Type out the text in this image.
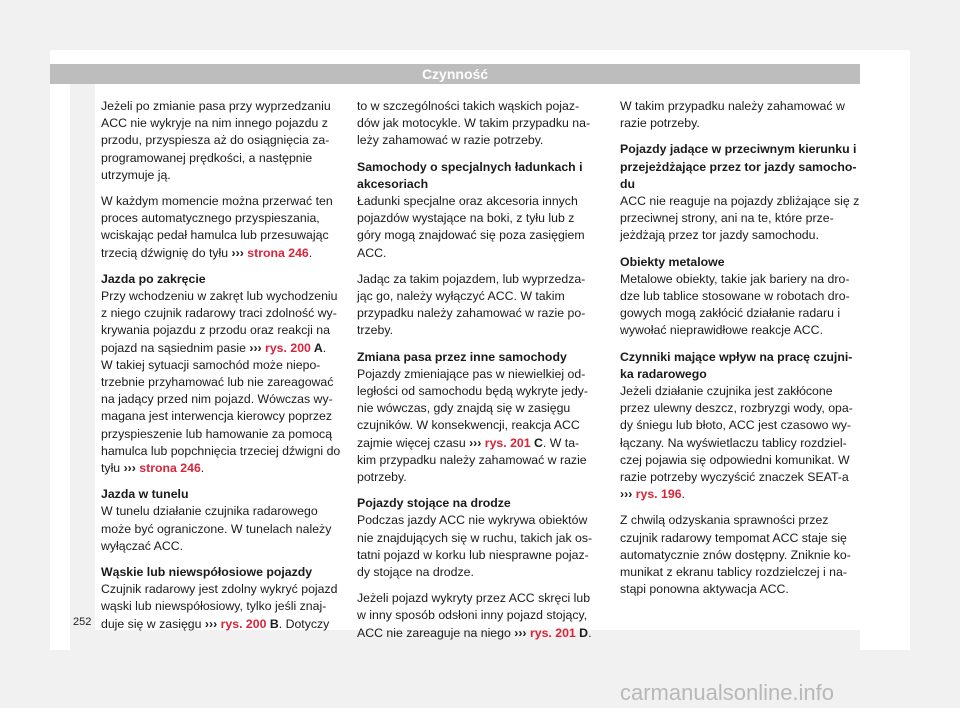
Czynność
252

Jeżeli po zmianie pasa przy wyprzedzaniu ACC nie wykryje na nim innego pojazdu z przodu, przyspiesza aż do osiągnięcia za-programowanej prędkości, a następnie utrzymuje ją.

W każdym momencie można przerwać ten proces automatycznego przyspieszania, wciskając pedał hamulca lub przesuwając trzecią dźwignię do tyłu ››› strona 246.

Jazda po zakręcie

Przy wchodzeniu w zakręt lub wychodzeniu z niego czujnik radarowy traci zdolność wy-krywania pojazdu z przodu oraz reakcji na pojazd na sąsiednim pasie ››› rys. 200 A. W takiej sytuacji samochód może niepo-trzebnie przyhamować lub nie zareagować na jadący przed nim pojazd. Wówczas wy-magana jest interwencja kierowcy poprzez przyspieszenie lub hamowanie za pomocą hamulca lub popchnięcia trzeciej dźwigni do tyłu ››› strona 246.

Jazda w tunelu

W tunelu działanie czujnika radarowego może być ograniczone. W tunelach należy wyłączać ACC.

Wąskie lub niewspółosiowe pojazdy

Czujnik radarowy jest zdolny wykryć pojazd wąski lub niewspółosiowy, tylko jeśli znaj-duje się w zasięgu ››› rys. 200 B. Dotyczy

to w szczególności takich wąskich pojaz-dów jak motocykle. W takim przypadku na-leży zahamować w razie potrzeby.

Samochody o specjalnych ładunkach i akcesoriach

Ładunki specjalne oraz akcesoria innych pojazdów wystające na boki, z tyłu lub z góry mogą znajdować się poza zasięgiem ACC.

Jadąc za takim pojazdem, lub wyprzedza-jąc go, należy wyłączyć ACC. W takim przypadku należy zahamować w razie po-trzeby.

Zmiana pasa przez inne samochody

Pojazdy zmieniające pas w niewielkiej od-ległości od samochodu będą wykryte jedy-nie wówczas, gdy znajdą się w zasięgu czujników. W konsekwencji, reakcja ACC zajmie więcej czasu ››› rys. 201 C. W ta-kim przypadku należy zahamować w razie potrzeby.

Pojazdy stojące na drodze

Podczas jazdy ACC nie wykrywa obiektów nie znajdujących się w ruchu, takich jak os-tatni pojazd w korku lub niesprawne pojaz-dy stojące na drodze.

Jeżeli pojazd wykryty przez ACC skręci lub w inny sposób odsłoni inny pojazd stojący, ACC nie zareaguje na niego ››› rys. 201 D.

W takim przypadku należy zahamować w razie potrzeby.

Pojazdy jadące w przeciwnym kierunku i przejeżdżające przez tor jazdy samocho-du

ACC nie reaguje na pojazdy zbliżające się z przeciwnej strony, ani na te, które prze-jeżdżają przez tor jazdy samochodu.

Obiekty metalowe

Metalowe obiekty, takie jak bariery na dro-dze lub tablice stosowane w robotach dro-gowych mogą zakłócić działanie radaru i wywołać nieprawidłowe reakcje ACC.

Czynniki mające wpływ na pracę czujni-ka radarowego

Jeżeli działanie czujnika jest zakłócone przez ulewny deszcz, rozbryzgi wody, opa-dy śniegu lub błoto, ACC jest czasowo wy-łączany. Na wyświetlaczu tablicy rozdziel-czej pojawia się odpowiedni komunikat. W razie potrzeby wyczyścić znaczek SEAT-a ››› rys. 196.

Z chwilą odzyskania sprawności przez czujnik radarowy tempomat ACC staje się automatycznie znów dostępny. Zniknie ko-munikat z ekranu tablicy rozdzielczej i na-stąpi ponowna aktywacja ACC.

carmanualsonline.info
